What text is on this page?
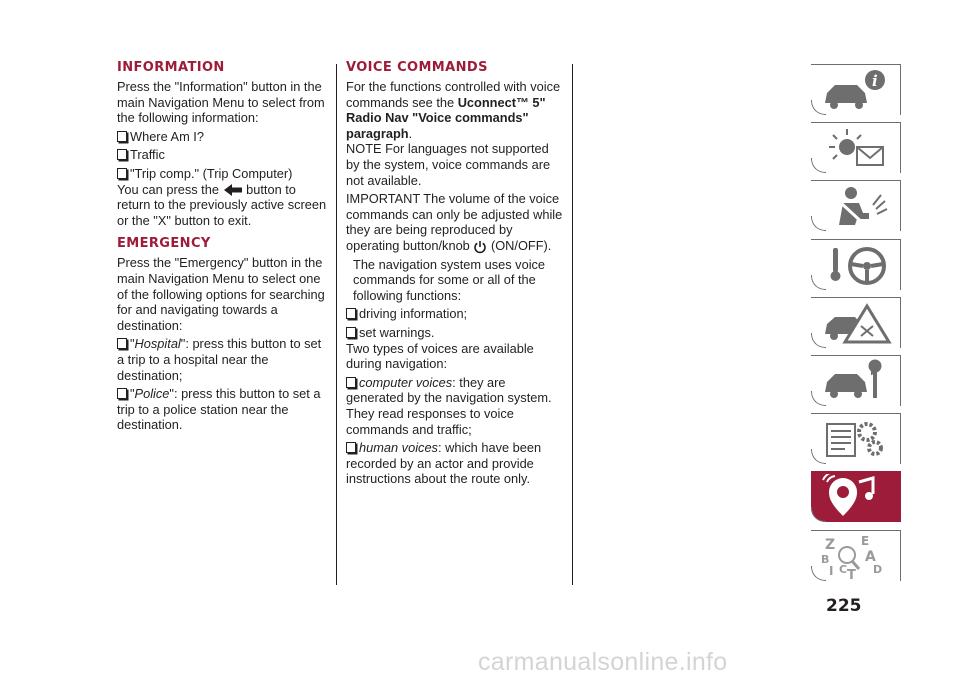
INFORMATION

Press the "Information" button in the main Navigation Menu to select from the following information:

Where Am I?

Traffic

"Trip comp." (Trip Computer)

You can press the button to return to the previously active screen or the "X" button to exit.

EMERGENCY

Press the "Emergency" button in the main Navigation Menu to select one of the following options for searching for and navigating towards a destination:

"Hospital": press this button to set a trip to a hospital near the destination;

"Police": press this button to set a trip to a police station near the destination.

VOICE COMMANDS

For the functions controlled with voice commands see the Uconnect™ 5" Radio Nav "Voice commands" paragraph.

NOTE For languages not supported by the system, voice commands are not available.

IMPORTANT The volume of the voice commands can only be adjusted while they are being reproduced by operating button/knob (ON/OFF).

The navigation system uses voice commands for some or all of the following functions:

driving information;

set warnings.

Two types of voices are available during navigation:

computer voices: they are generated by the navigation system. They read responses to voice commands and traffic;

human voices: which have been recorded by an actor and provide instructions about the route only.

i
Z E
B	A
I C T D
225
carmanualsonline.info
